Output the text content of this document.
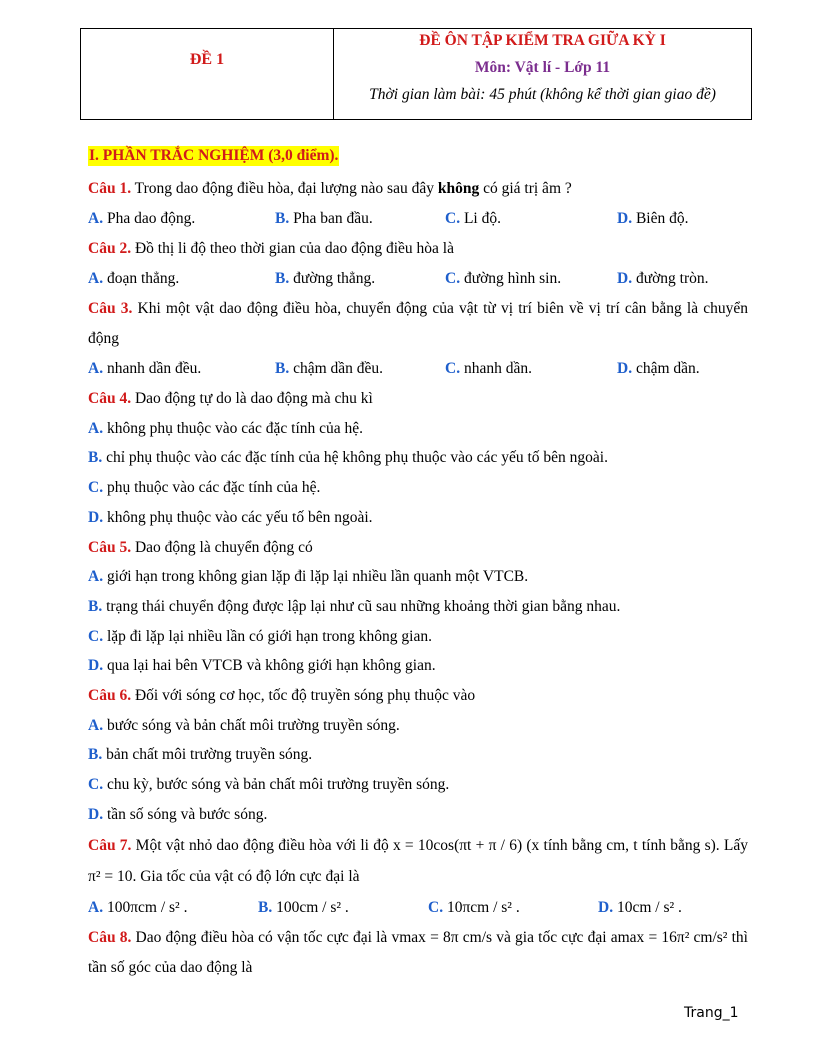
ĐỀ 1
ĐỀ ÔN TẬP KIỂM TRA GIỮA KỲ I
Môn: Vật lí - Lớp 11
Thời gian làm bài: 45 phút (không kể thời gian giao đề)
I. PHẦN TRẮC NGHIỆM (3,0 điểm).
Câu 1. Trong dao động điều hòa, đại lượng nào sau đây không có giá trị âm ?
A. Pha dao động.	B. Pha ban đầu.	C. Li độ.	D. Biên độ.
Câu 2. Đồ thị li độ theo thời gian của dao động điều hòa là
A. đoạn thẳng.	B. đường thẳng.	C. đường hình sin.	D. đường tròn.
Câu 3. Khi một vật dao động điều hòa, chuyển động của vật từ vị trí biên về vị trí cân bằng là chuyển động
A. nhanh dần đều.	B. chậm dần đều.	C. nhanh dần.	D. chậm dần.
Câu 4. Dao động tự do là dao động mà chu kì
A. không phụ thuộc vào các đặc tính của hệ.
B. chỉ phụ thuộc vào các đặc tính của hệ không phụ thuộc vào các yếu tố bên ngoài.
C. phụ thuộc vào các đặc tính của hệ.
D. không phụ thuộc vào các yếu tố bên ngoài.
Câu 5. Dao động là chuyển động có
A. giới hạn trong không gian lặp đi lặp lại nhiều lần quanh một VTCB.
B. trạng thái chuyển động được lập lại như cũ sau những khoảng thời gian bằng nhau.
C. lặp đi lặp lại nhiều lần có giới hạn trong không gian.
D. qua lại hai bên VTCB và không giới hạn không gian.
Câu 6. Đối với sóng cơ học, tốc độ truyền sóng phụ thuộc vào
A. bước sóng và bản chất môi trường truyền sóng.
B. bản chất môi trường truyền sóng.
C. chu kỳ, bước sóng và bản chất môi trường truyền sóng.
D. tần số sóng và bước sóng.
Câu 7. Một vật nhỏ dao động điều hòa với li độ x = 10cos(πt + π / 6) (x tính bằng cm, t tính bằng s). Lấy π² = 10. Gia tốc của vật có độ lớn cực đại là
A. 100πcm / s² .	B. 100cm / s² .	C. 10πcm / s² .	D. 10cm / s² .
Câu 8. Dao động điều hòa có vận tốc cực đại là vmax = 8π cm/s và gia tốc cực đại amax = 16π² cm/s² thì tần số góc của dao động là
Trang_1
